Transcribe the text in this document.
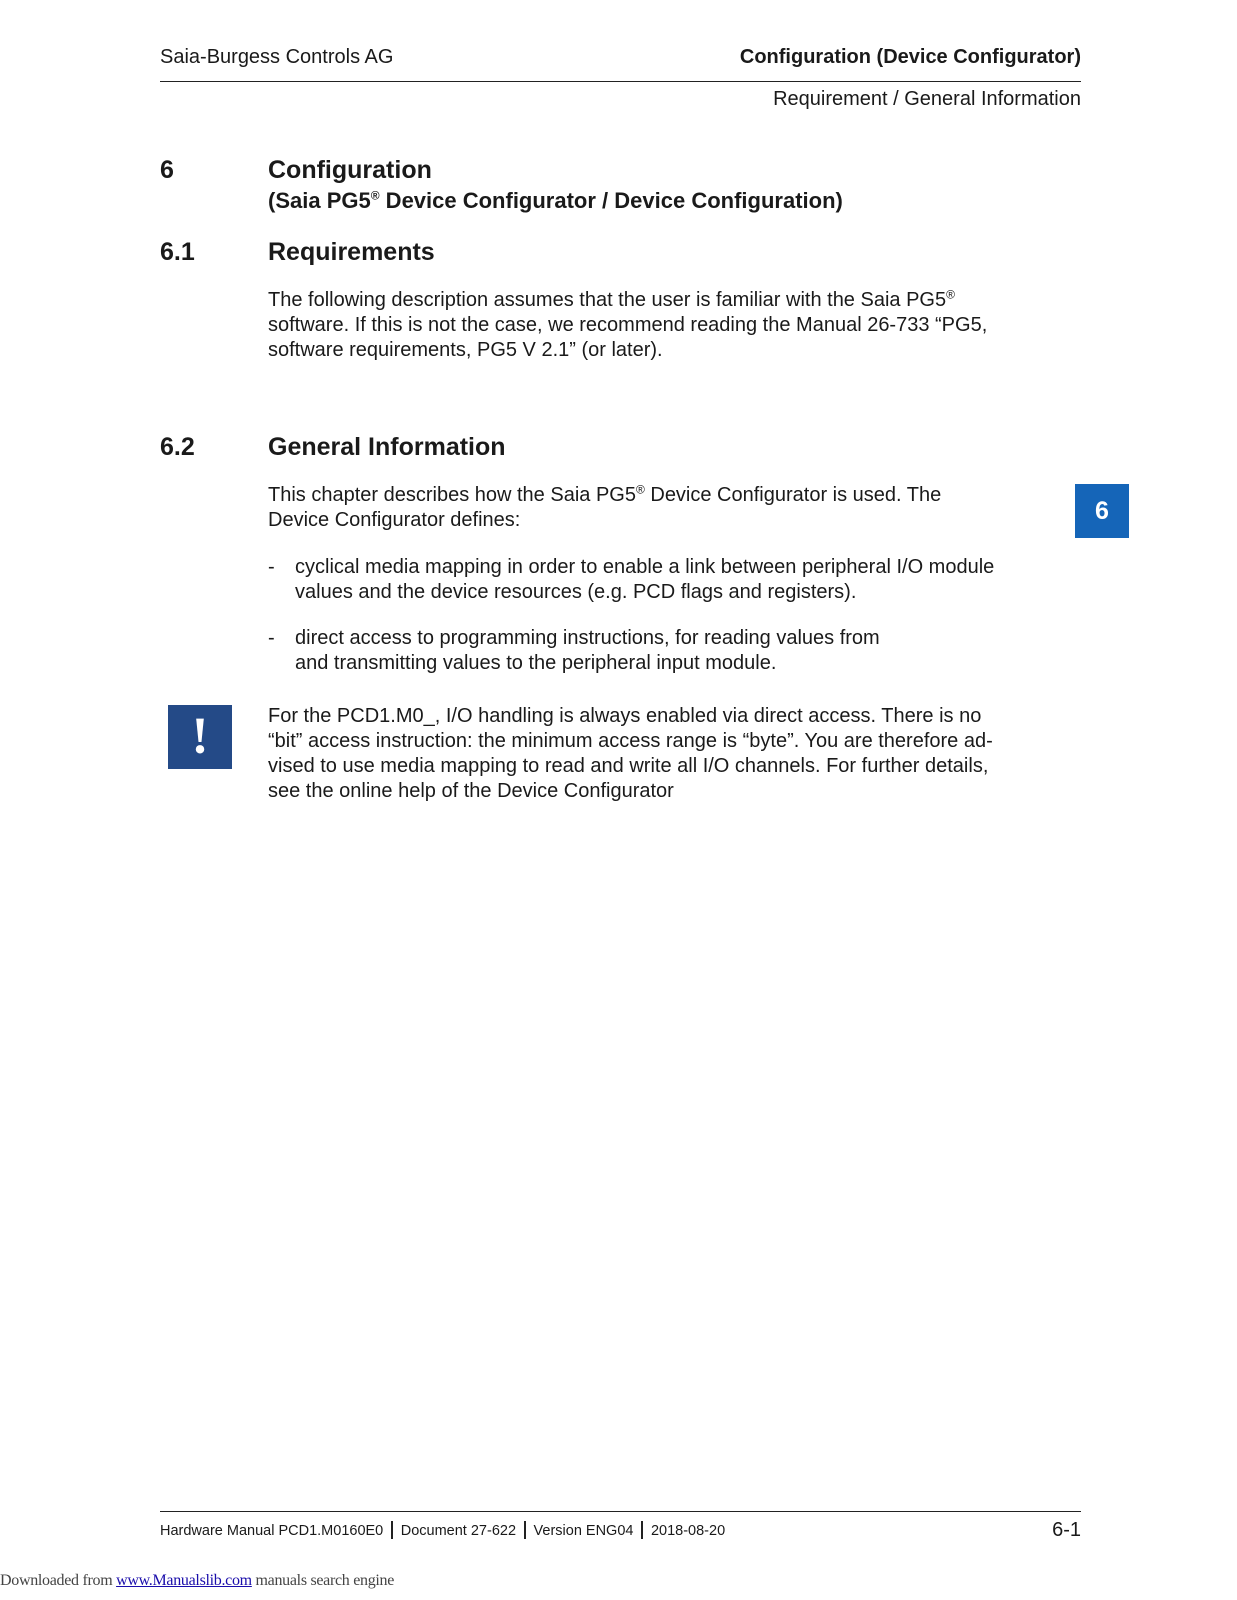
Saia-Burgess Controls AG	Configuration (Device Configurator)
Requirement / General Information
6	Configuration
(Saia PG5® Device Configurator / Device Configuration)
6.1	Requirements

The following description assumes that the user is familiar with the Saia PG5®

software. If this is not the case, we recommend reading the Manual 26-733 “PG5,

software requirements, PG5 V 2.1” (or later).

6.2	General Information

This chapter describes how the Saia PG5® Device Configurator is used. The

Device Configurator defines:

- cyclical media mapping in order to enable a link between peripheral I/O module
values and the device resources (e.g. PCD flags and registers).
- direct access to programming instructions, for reading values from
and transmitting values to the peripheral input module.
!	For the PCD1.M0_, I/O handling is always enabled via direct access. There is no

“bit” access instruction: the minimum access range is “byte”. You are therefore ad-

vised to use media mapping to read and write all I/O channels. For further details,

see the online help of the Device Configurator

6
Hardware Manual PCD1.M0160E0 Document 27-622 Version ENG04 2018-08-20	6-1
Downloaded from www.Manualslib.com manuals search engine
